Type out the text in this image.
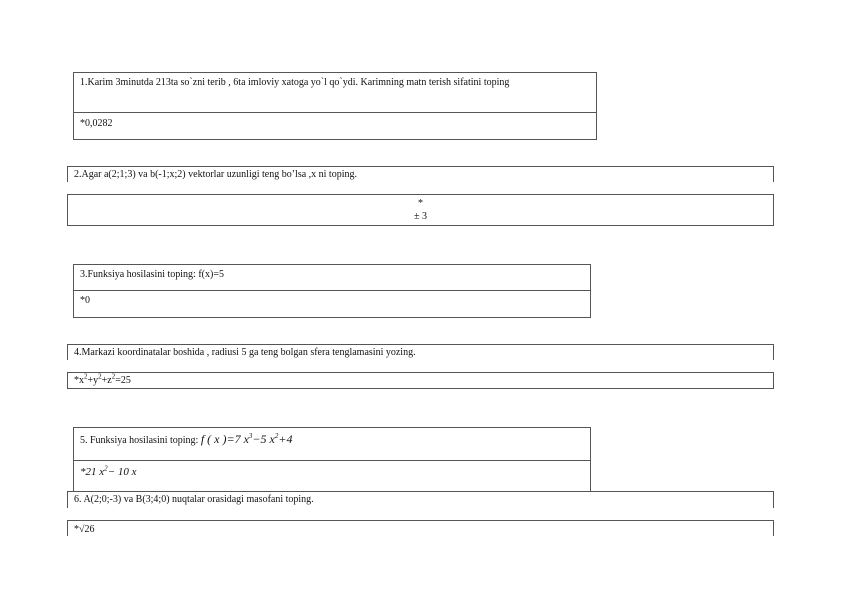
1.Karim 3minutda 213ta so`zni terib , 6ta imloviy xatoga yo`l qo`ydi. Karimning matn terish sifatini toping
*0,0282
2.Agar a(2;1;3) va b(-1;x;2) vektorlar uzunligi teng bo’lsa ,x ni toping.
*
± 3
3.Funksiya hosilasini toping: f(x)=5
*0
4.Markazi koordinatalar boshida , radiusi 5 ga teng bolgan sfera tenglamasini yozing.
$*x^2+y^2+z^2=25$
5. Funksiya hosilasini toping: f ( x )=7 $x^3-5$ $x^2+4$
*21 $x^2- 10$ x
6. A(2;0;-3) va B(3;4;0) nuqtalar orasidagi masofani toping.
*√26
